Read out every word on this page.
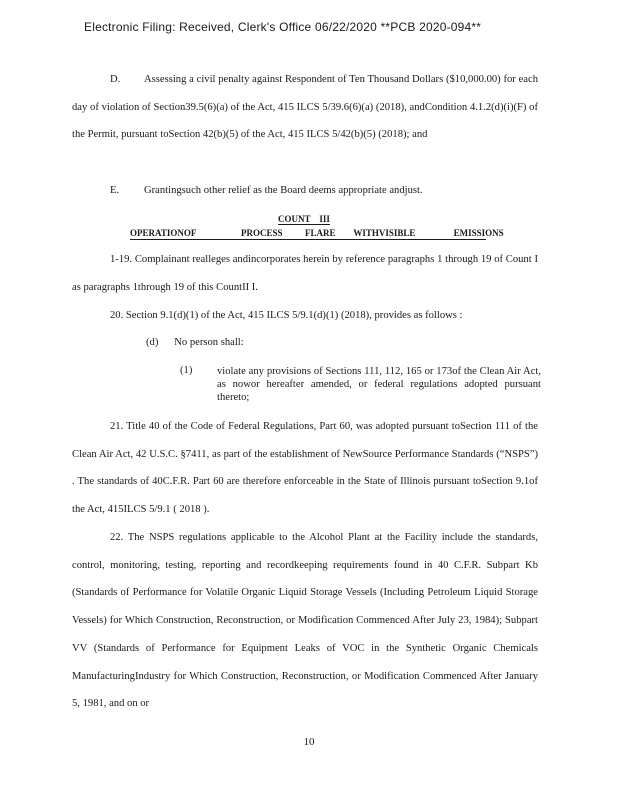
Electronic Filing: Received, Clerk's Office 06/22/2020 **PCB 2020-094**
D. Assessing a civil penalty against Respondent of Ten Thousand Dollars ($10,000.00) for each day of violation of Section39.5(6)(a) of the Act, 415 ILCS 5/39.6(6)(a) (2018), andCondition 4.1.2(d)(i)(F) of the Permit, pursuant toSection 42(b)(5) of the Act, 415 ILCS 5/42(b)(5) (2018); and
E. Grantingsuch other relief as the Board deems appropriate andjust.
COUNT    III
OPERATIONOF                    PROCESS          FLARE        WITHVISIBLE                 EMISSIONS
1-19. Complainant realleges andincorporates herein by reference paragraphs 1 through 19 of Count I as paragraphs 1through 19 of this CountII I.
20. Section 9.1(d)(1) of the Act, 415 ILCS 5/9.1(d)(1) (2018), provides as follows :
(d)      No person shall:
(1) violate any provisions of Sections 111, 112, 165 or 173of the Clean Air Act, as nowor hereafter amended, or federal regulations adopted pursuant thereto;
21. Title 40 of the Code of Federal Regulations, Part 60, was adopted pursuant toSection 111 of the Clean Air Act, 42 U.S.C. §7411, as part of the establishment of NewSource Performance Standards (“NSPS”) . The standards of 40C.F.R. Part 60 are therefore enforceable in the State of Illinois pursuant toSection 9.1of the Act, 415ILCS 5/9.1 ( 2018 ).
22. The NSPS regulations applicable to the Alcohol Plant at the Facility include the standards, control, monitoring, testing, reporting and recordkeeping requirements found in 40 C.F.R. Subpart Kb (Standards of Performance for Volatile Organic Liquid Storage Vessels (Including Petroleum Liquid Storage Vessels) for Which Construction, Reconstruction, or Modification Commenced After July 23, 1984); Subpart VV (Standards of Performance for Equipment Leaks of VOC in the Synthetic Organic Chemicals ManufacturingIndustry for Which Construction, Reconstruction, or Modification Commenced After January 5, 1981, and on or
10
